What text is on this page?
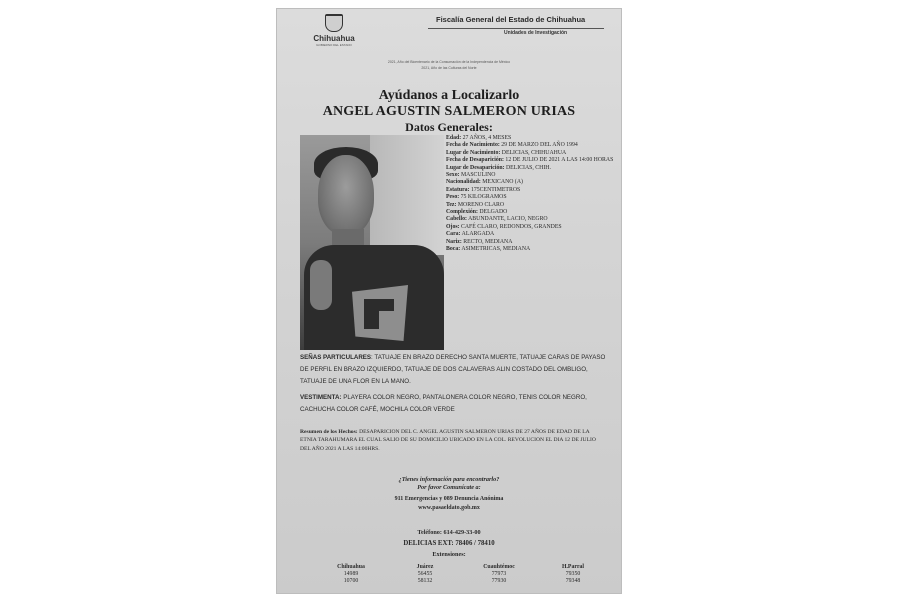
Chihuahua
GOBIERNO DEL ESTADO
Fiscalía General del Estado de Chihuahua
Unidades de Investigación
2021, Año del Bicentenario de la Consumación de la Independencia de México
2021, Año de las Culturas del Norte
Ayúdanos a Localizarlo
ANGEL AGUSTIN SALMERON URIAS
Datos Generales:
Edad: 27 AÑOS, 4 MESES
Fecha de Nacimiento: 29 DE MARZO DEL AÑO 1994
Lugar de Nacimiento: DELICIAS, CHIHUAHUA
Fecha de Desaparición: 12 DE JULIO DE 2021 A LAS 14:00 HORAS
Lugar de Desaparición: DELICIAS, CHIH.
Sexo: MASCULINO
Nacionalidad: MEXICANO (A)
Estatura: 175CENTIMETROS
Peso: 75 KILOGRAMOS
Tez: MORENO CLARO
Complexión: DELGADO
Cabello: ABUNDANTE, LACIO, NEGRO
Ojos: CAFÉ CLARO, REDONDOS, GRANDES
Cara: ALARGADA
Nariz: RECTO, MEDIANA
Boca: ASIMETRICAS, MEDIANA
SEÑAS PARTICULARES: TATUAJE EN BRAZO DERECHO SANTA MUERTE, TATUAJE CARAS DE PAYASO DE PERFIL EN BRAZO IZQUIERDO, TATUAJE DE DOS CALAVERAS ALIN COSTADO DEL OMBLIGO, TATUAJE DE UNA FLOR EN LA MANO.
VESTIMENTA: PLAYERA COLOR NEGRO, PANTALONERA COLOR NEGRO, TENIS COLOR NEGRO, CACHUCHA COLOR CAFÉ, MOCHILA COLOR VERDE
Resumen de los Hechos: DESAPARICION DEL C. ANGEL AGUSTIN SALMERON URIAS DE 27 AÑOS DE EDAD DE LA ETNIA TARAHUMARA EL CUAL SALIO DE SU DOMICILIO UBICADO EN LA COL. REVOLUCION EL DIA 12 DE JULIO DEL AÑO 2021 A LAS 14:00HRS.
¿Tienes información para encontrarlo?
Por favor Comunícate a:
911 Emergencias y 089 Denuncia Anónima
www.pasaeldato.gob.mx
Teléfono: 614-429-33-00
DELICIAS EXT: 78406 / 78410
Extensiones:
Chihuahua
14989
10700
Juárez
56455
58132
Cuauhtémoc
77973
77930
H.Parral
79350
79348
